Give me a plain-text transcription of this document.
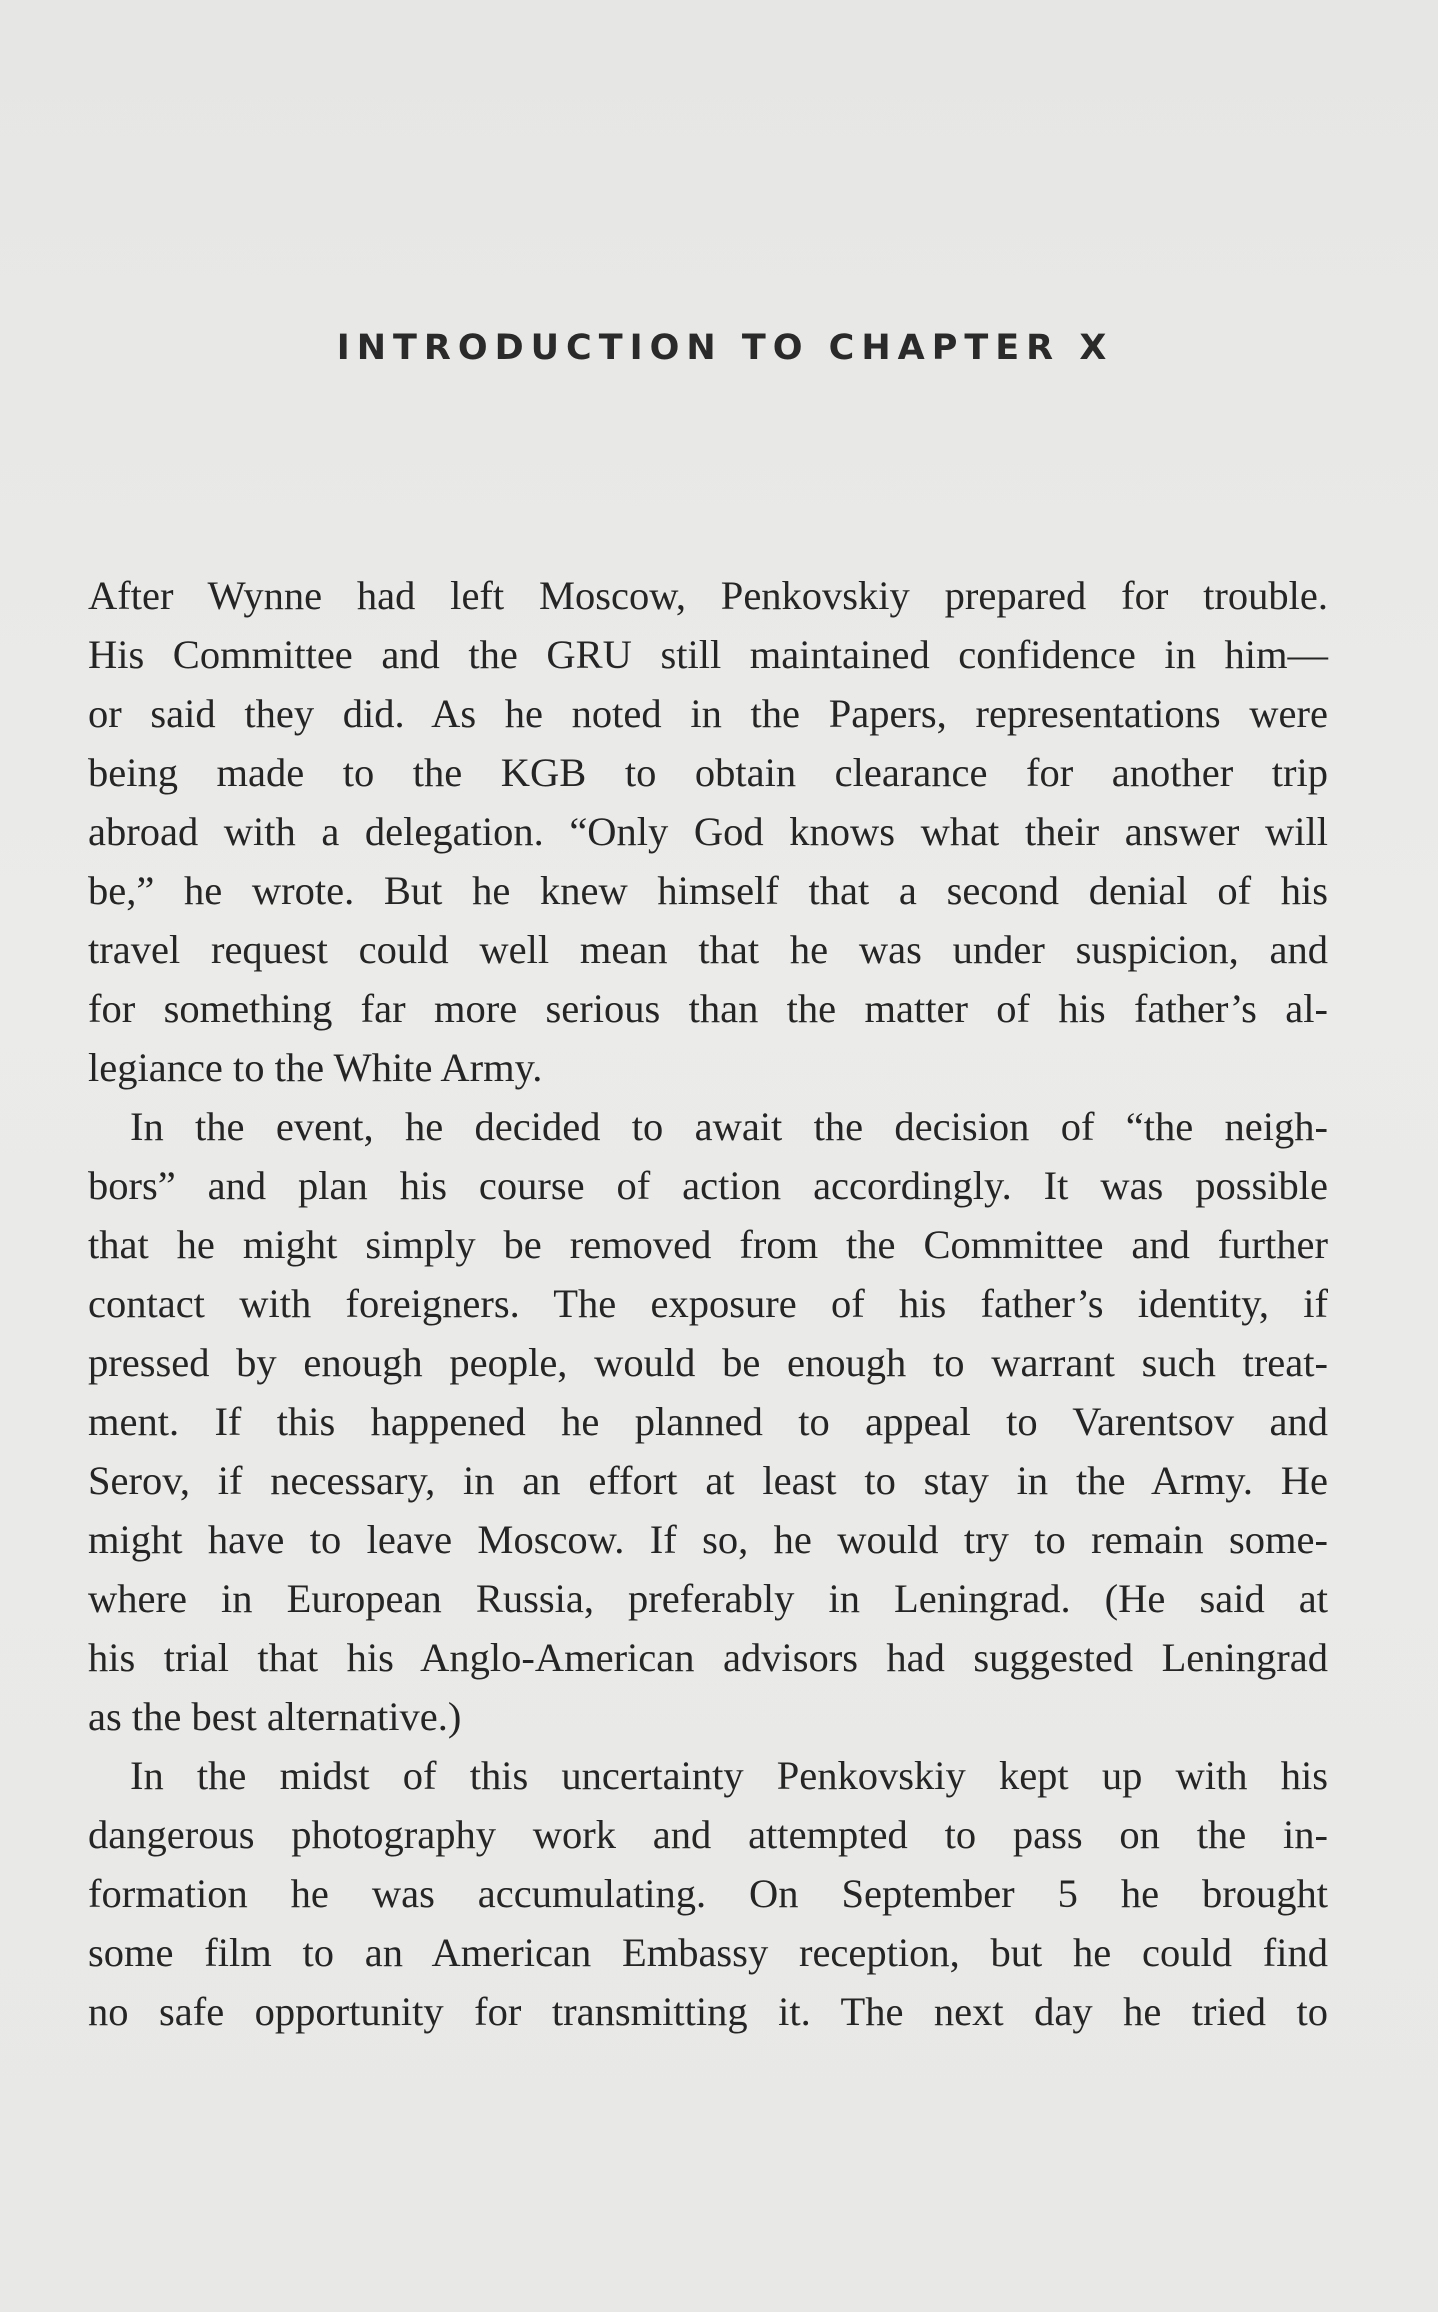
INTRODUCTION TO CHAPTER X
After Wynne had left Moscow, Penkovskiy prepared for trouble.
His Committee and the GRU still maintained confidence in him—
or said they did. As he noted in the Papers, representations were
being made to the KGB to obtain clearance for another trip
abroad with a delegation. “Only God knows what their answer will
be,” he wrote. But he knew himself that a second denial of his
travel request could well mean that he was under suspicion, and
for something far more serious than the matter of his father’s al-
legiance to the White Army.
In the event, he decided to await the decision of “the neigh-
bors” and plan his course of action accordingly. It was possible
that he might simply be removed from the Committee and further
contact with foreigners. The exposure of his father’s identity, if
pressed by enough people, would be enough to warrant such treat-
ment. If this happened he planned to appeal to Varentsov and
Serov, if necessary, in an effort at least to stay in the Army. He
might have to leave Moscow. If so, he would try to remain some-
where in European Russia, preferably in Leningrad. (He said at
his trial that his Anglo-American advisors had suggested Leningrad
as the best alternative.)
In the midst of this uncertainty Penkovskiy kept up with his
dangerous photography work and attempted to pass on the in-
formation he was accumulating. On September 5 he brought
some film to an American Embassy reception, but he could find
no safe opportunity for transmitting it. The next day he tried to
